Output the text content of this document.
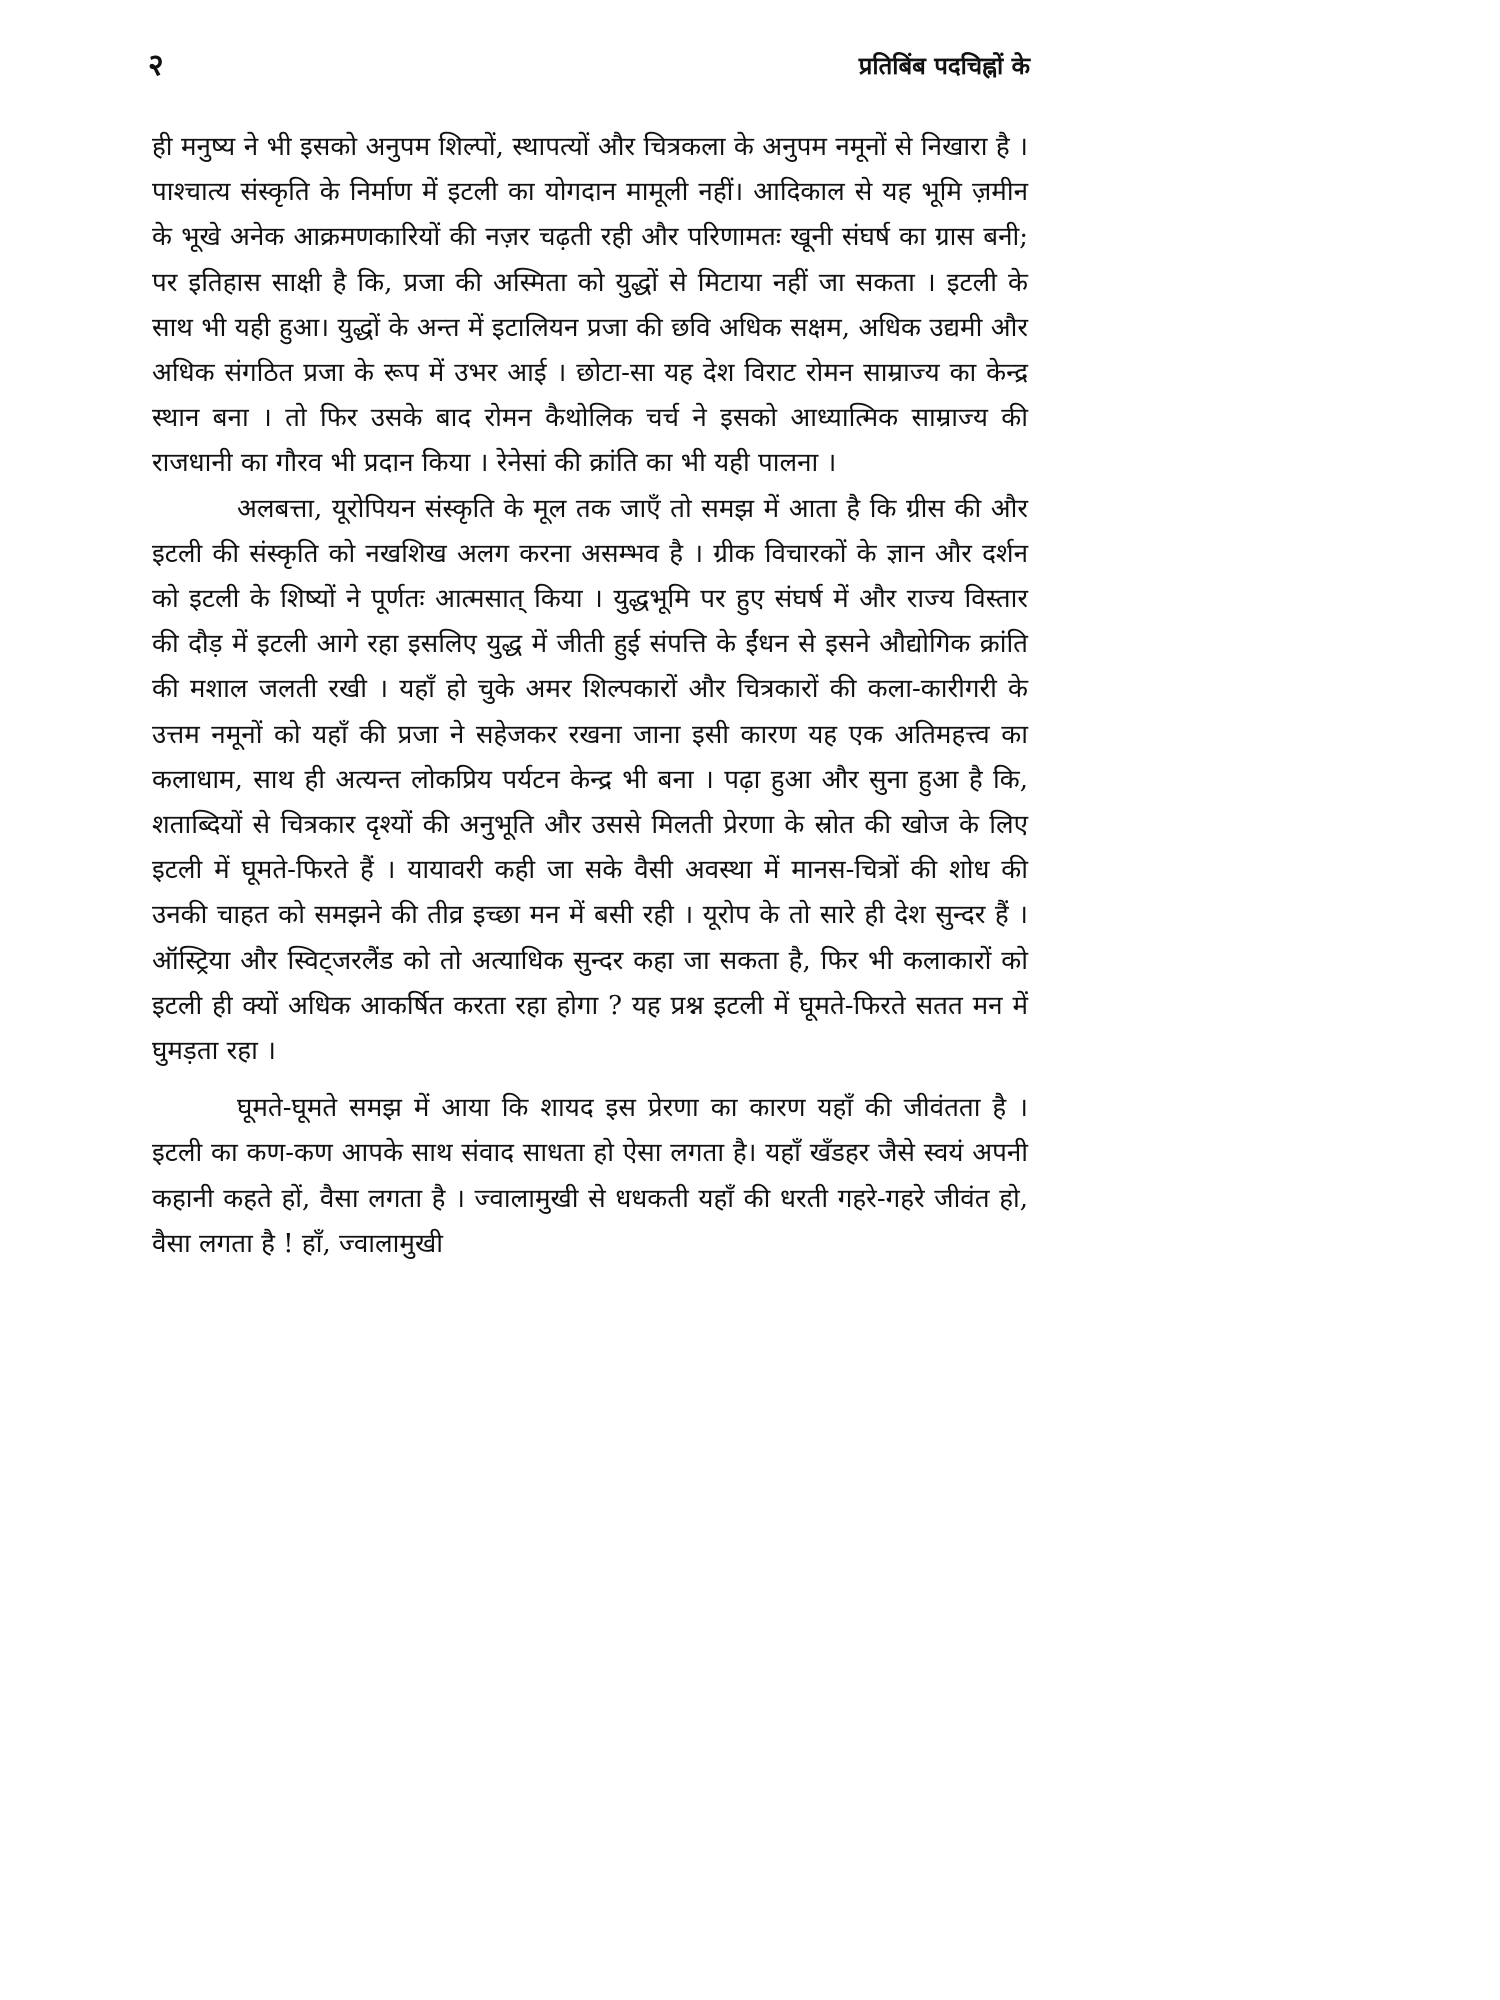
२	प्रतिबिंब पदचिह्नों के

ही मनुष्य ने भी इसको अनुपम शिल्पों, स्थापत्यों और चित्रकला के अनुपम नमूनों से निखारा है । पाश्चात्य संस्कृति के निर्माण में इटली का योगदान मामूली नहीं। आदिकाल से यह भूमि ज़मीन के भूखे अनेक आक्रमणकारियों की नज़र चढ़ती रही और परिणामतः खूनी संघर्ष का ग्रास बनी; पर इतिहास साक्षी है कि, प्रजा की अस्मिता को युद्धों से मिटाया नहीं जा सकता । इटली के साथ भी यही हुआ। युद्धों के अन्त में इटालियन प्रजा की छवि अधिक सक्षम, अधिक उद्यमी और अधिक संगठित प्रजा के रूप में उभर आई । छोटा-सा यह देश विराट रोमन साम्राज्य का केन्द्र स्थान बना । तो फिर उसके बाद रोमन कैथोलिक चर्च ने इसको आध्यात्मिक साम्राज्य की राजधानी का गौरव भी प्रदान किया । रेनेसां की क्रांति का भी यही पालना ।

अलबत्ता, यूरोपियन संस्कृति के मूल तक जाएँ तो समझ में आता है कि ग्रीस की और इटली की संस्कृति को नखशिख अलग करना असम्भव है । ग्रीक विचारकों के ज्ञान और दर्शन को इटली के शिष्यों ने पूर्णतः आत्मसात् किया । युद्धभूमि पर हुए संघर्ष में और राज्य विस्तार की दौड़ में इटली आगे रहा इसलिए युद्ध में जीती हुई संपत्ति के ईंधन से इसने औद्योगिक क्रांति की मशाल जलती रखी । यहाँ हो चुके अमर शिल्पकारों और चित्रकारों की कला-कारीगरी के उत्तम नमूनों को यहाँ की प्रजा ने सहेजकर रखना जाना इसी कारण यह एक अतिमहत्त्व का कलाधाम, साथ ही अत्यन्त लोकप्रिय पर्यटन केन्द्र भी बना । पढ़ा हुआ और सुना हुआ है कि, शताब्दियों से चित्रकार दृश्यों की अनुभूति और उससे मिलती प्रेरणा के स्रोत की खोज के लिए इटली में घूमते-फिरते हैं । यायावरी कही जा सके वैसी अवस्था में मानस-चित्रों की शोध की उनकी चाहत को समझने की तीव्र इच्छा मन में बसी रही । यूरोप के तो सारे ही देश सुन्दर हैं । ऑस्ट्रिया और स्विट्जरलैंड को तो अत्याधिक सुन्दर कहा जा सकता है, फिर भी कलाकारों को इटली ही क्यों अधिक आकर्षित करता रहा होगा ? यह प्रश्न इटली में घूमते-फिरते सतत मन में घुमड़ता रहा ।

घूमते-घूमते समझ में आया कि शायद इस प्रेरणा का कारण यहाँ की जीवंतता है । इटली का कण-कण आपके साथ संवाद साधता हो ऐसा लगता है। यहाँ खँडहर जैसे स्वयं अपनी कहानी कहते हों, वैसा लगता है । ज्वालामुखी से धधकती यहाँ की धरती गहरे-गहरे जीवंत हो, वैसा लगता है ! हाँ, ज्वालामुखी
